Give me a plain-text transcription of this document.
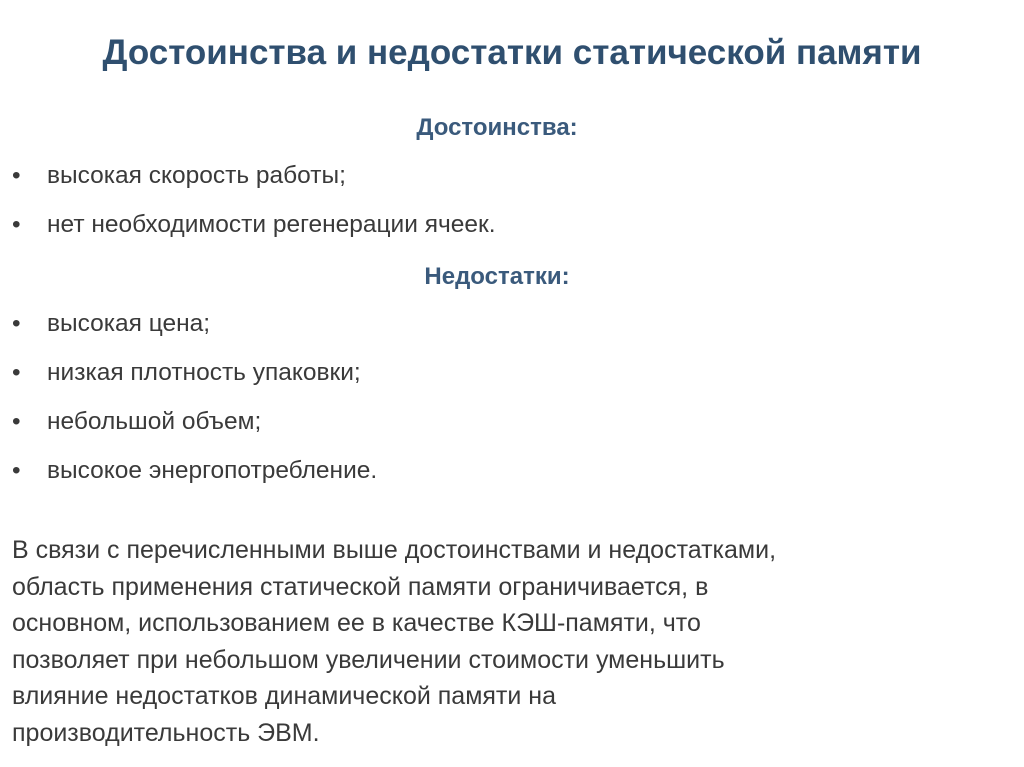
Достоинства и недостатки статической памяти
Достоинства:
• высокая скорость работы;
• нет необходимости регенерации ячеек.
Недостатки:
• высокая цена;
• низкая плотность упаковки;
• небольшой объем;
• высокое энергопотребление.
В связи с перечисленными выше достоинствами и недостатками,
область применения статической памяти ограничивается, в
основном, использованием ее в качестве КЭШ-памяти, что
позволяет при небольшом увеличении стоимости уменьшить
влияние недостатков динамической памяти на
производительность ЭВМ.
